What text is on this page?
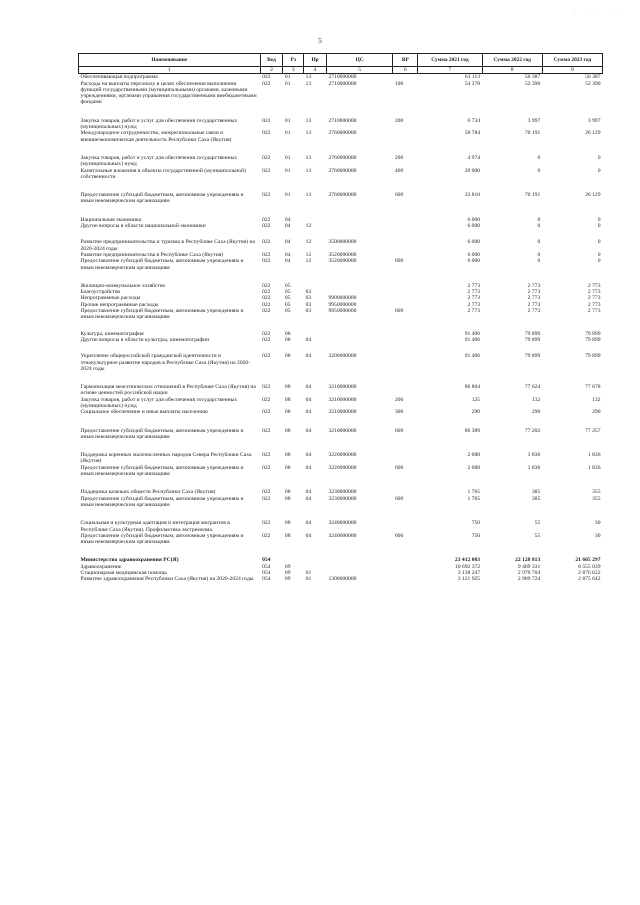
· · · · ·
5
Наименование	Вед	Рз	Пр	ЦС	ВР	Сумма 2021 год	Сумма 2022 год	Сумма 2023 год
1	2	3	4	5	6	7	8	9
Обеспечивающая подпрограмма	022	01	13	2710000000		61 113	56 387	56 387
Расходы на выплаты персоналу в целях обеспечения выполнения функций государственными (муниципальными) органами, казенными учреждениями, органами управления государственными внебюджетными фондами	022	01	13	2710000000	100	54 378	52 390	52 390

Закупка товаров, работ и услуг для обеспечения государственных (муниципальных) нужд	022	01	13	2710000000	200	6 734	3 997	3 997
Международное сотрудничество, межрегиональные связи и внешнеэкономическая деятельность Республики Саха (Якутия)	022	01	13	2760000000		58 784	70 191	26 129

Закупка товаров, работ и услуг для обеспечения государственных (муниципальных) нужд	022	01	13	2760000000	200	4 974	0	0
Капитальные вложения в объекты государственной (муниципальной) собственности	022	01	13	2760000000	400	20 000	0	0

Предоставление субсидий бюджетным, автономным учреждениям и иным некоммерческим организациям	022	01	13	2760000000	600	33 810	70 191	26 129

Национальная экономика	022	04				6 000	0	0
Другие вопросы в области национальной экономики	022	04	12			6 000	0	0

Развитие предпринимательства и туризма в Республике Саха (Якутия) на 2020-2024 годы	022	04	12	3500000000		6 000	0	0
Развитие предпринимательства в Республике Саха (Якутия)	022	04	12	3520000000		6 000	0	0
Предоставление субсидий бюджетным, автономным учреждениям и иным некоммерческим организациям	022	04	12	3520000000	600	6 000	0	0

Жилищно-коммунальное хозяйство	022	05				2 773	2 773	2 773
Благоустройство	022	05	03			2 773	2 773	2 773
Непрограммные расходы	022	05	03	9900000000		2 773	2 773	2 773
Прочие непрограммные расходы	022	05	03	9950000000		2 773	2 773	2 773
Предоставление субсидий бюджетным, автономным учреждениям и иным некоммерческим организациям	022	05	03	9950000000	600	2 773	2 773	2 773

Культура, кинематография	022	08				91 406	79 899	79 899
Другие вопросы в области культуры, кинематографии	022	08	04			91 406	79 899	79 899

Укрепление общероссийской гражданской идентичности и этнокультурное развитие народов в Республике Саха (Якутия) на 2020-2024 годы	022	08	04	3200000000		91 406	79 899	79 899

Гармонизация межэтнических отношений в Республике Саха (Якутия) на основе ценностей российской нации	022	08	04	3210000000		86 804	77 624	77 678
Закупка товаров, работ и услуг для обеспечения государственных (муниципальных) нужд	022	08	04	3210000000	200	125	132	132
Социальное обеспечение и иные выплаты населению	022	08	04	3210000000	300	290	290	290

Предоставление субсидий бюджетным, автономным учреждениям и иным некоммерческим организациям	022	08	04	3210000000	600	86 389	77 202	77 257

Поддержка коренных малочисленных народов Севера Республики Саха (Якутия)	022	08	04	3220000000		2 088	1 836	1 836
Предоставление субсидий бюджетным, автономным учреждениям и иным некоммерческим организациям	022	08	04	3220000000	600	2 088	1 836	1 836

Поддержка казачьих обществ Республики Саха (Якутия)	022	08	04	3230000000		1 765	385	355
Предоставление субсидий бюджетным, автономным учреждениям и иным некоммерческим организациям	022	08	04	3230000000	600	1 765	385	355

Социальная и культурная адаптация и интеграция мигрантов в Республике Саха (Якутия). Профилактика экстремизма.	022	08	04	3240000000		750	55	30
Предоставление субсидий бюджетным, автономным учреждениям и иным некоммерческим организациям	022	08	04	3240000000	600	750	55	30

Министерство здравоохранения РС(Я)	054					23 412 083	22 128 813	21 605 297
Здравоохранение	054	09				10 692 372	9 469 331	8 555 039
Стационарная медицинская помощь	054	09	01			3 138 247	2 970 704	2 876 622
Развитие здравоохранения Республики Саха (Якутия) на 2020-2024 годы	054	09	01	1300000000		3 121 925	2 969 724	2 875 642
